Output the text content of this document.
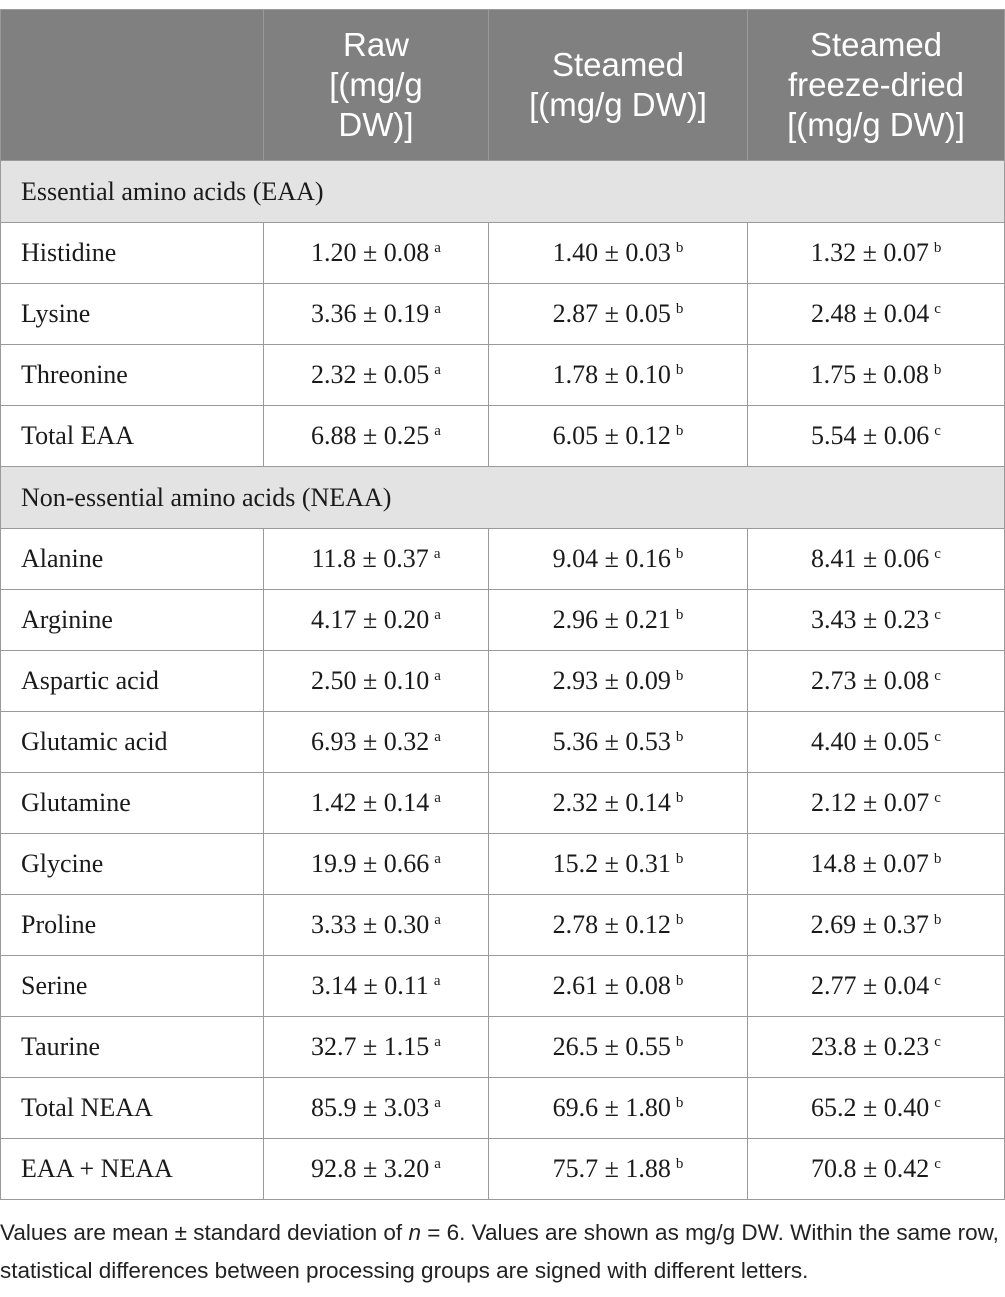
	Raw
[(mg/g
DW)]	Steamed
[(mg/g DW)]	Steamed
freeze-dried
[(mg/g DW)]

Essential amino acids (EAA)			
Histidine	1.20 ± 0.08 $^a$	1.40 ± 0.03 $^b$	1.32 ± 0.07 $^b$
Lysine	3.36 ± 0.19 $^a$	2.87 ± 0.05 $^b$	2.48 ± 0.04 $^c$
Threonine	2.32 ± 0.05 $^a$	1.78 ± 0.10 $^b$	1.75 ± 0.08 $^b$
Total EAA	6.88 ± 0.25 $^a$	6.05 ± 0.12 $^b$	5.54 ± 0.06 $^c$
Non-essential amino acids (NEAA)			
Alanine	11.8 ± 0.37 $^a$	9.04 ± 0.16 $^b$	8.41 ± 0.06 $^c$
Arginine	4.17 ± 0.20 $^a$	2.96 ± 0.21 $^b$	3.43 ± 0.23 $^c$
Aspartic acid	2.50 ± 0.10 $^a$	2.93 ± 0.09 $^b$	2.73 ± 0.08 $^c$
Glutamic acid	6.93 ± 0.32 $^a$	5.36 ± 0.53 $^b$	4.40 ± 0.05 $^c$
Glutamine	1.42 ± 0.14 $^a$	2.32 ± 0.14 $^b$	2.12 ± 0.07 $^c$
Glycine	19.9 ± 0.66 $^a$	15.2 ± 0.31 $^b$	14.8 ± 0.07 $^b$
Proline	3.33 ± 0.30 $^a$	2.78 ± 0.12 $^b$	2.69 ± 0.37 $^b$
Serine	3.14 ± 0.11 $^a$	2.61 ± 0.08 $^b$	2.77 ± 0.04 $^c$
Taurine	32.7 ± 1.15 $^a$	26.5 ± 0.55 $^b$	23.8 ± 0.23 $^c$
Total NEAA	85.9 ± 3.03 $^a$	69.6 ± 1.80 $^b$	65.2 ± 0.40 $^c$
EAA + NEAA	92.8 ± 3.20 $^a$	75.7 ± 1.88 $^b$	70.8 ± 0.42 $^c$
Values are mean ± standard deviation of n = 6. Values are shown as mg/g DW. Within the same row, statistical differences between processing groups are signed with different letters.
